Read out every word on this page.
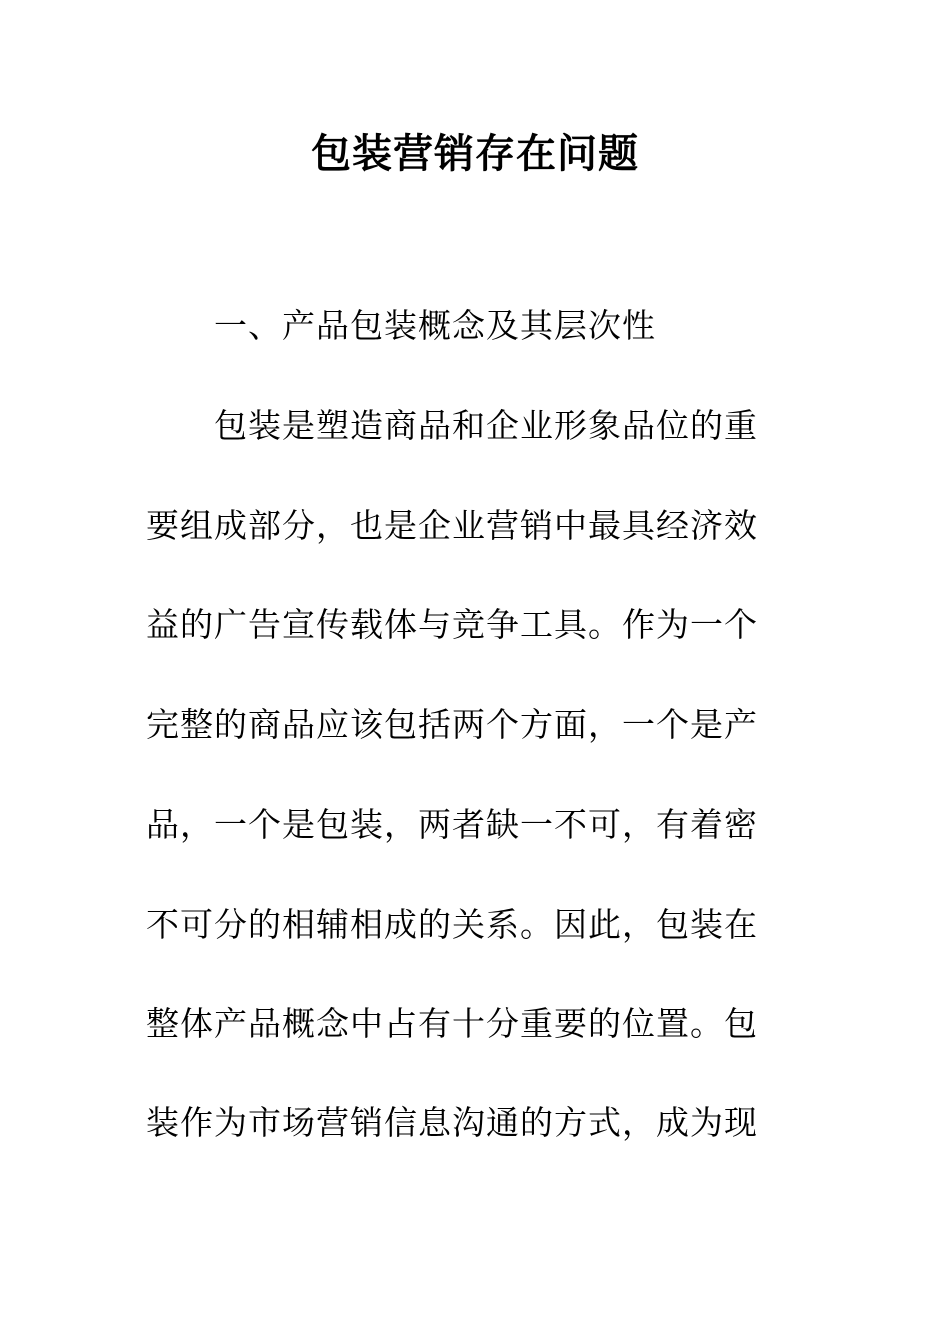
包装营销存在问题
一、产品包装概念及其层次性
包装是塑造商品和企业形象品位的重
要组成部分，也是企业营销中最具经济效
益的广告宣传载体与竞争工具。作为一个
完整的商品应该包括两个方面，一个是产
品，一个是包装，两者缺一不可，有着密
不可分的相辅相成的关系。因此，包装在
整体产品概念中占有十分重要的位置。包
装作为市场营销信息沟通的方式，成为现
